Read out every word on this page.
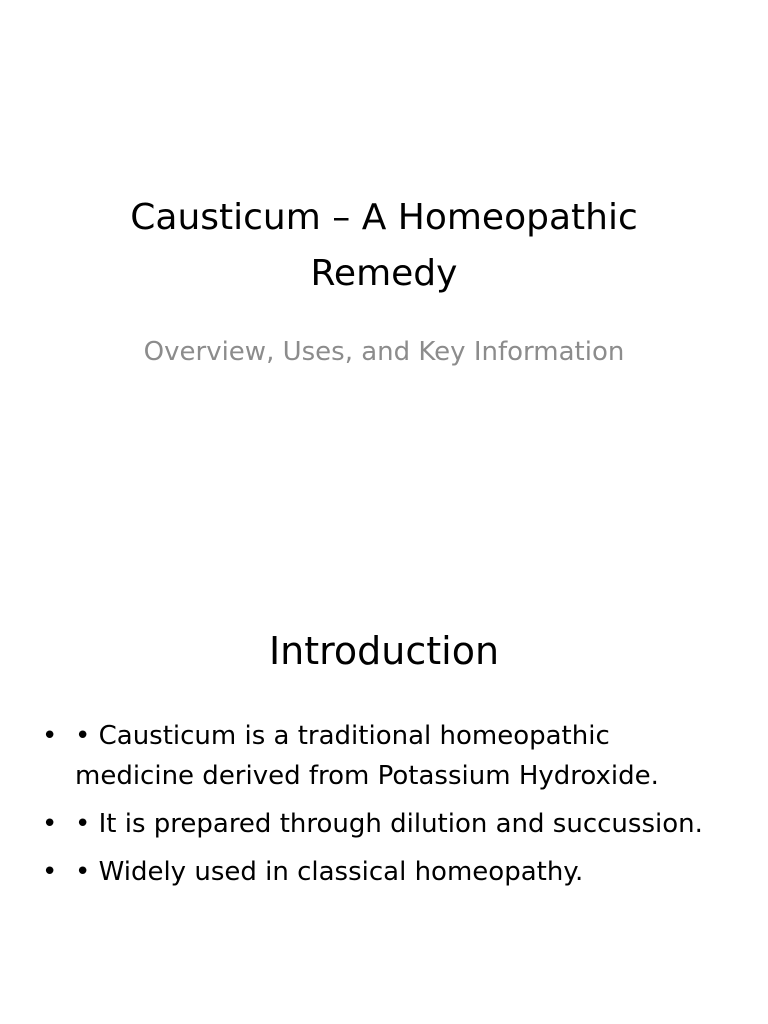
Causticum – A Homeopathic
Remedy

Overview, Uses, and Key Information

Introduction
• • Causticum is a traditional homeopathic medicine derived from Potassium Hydroxide.
• • It is prepared through dilution and succussion.
• • Widely used in classical homeopathy.
